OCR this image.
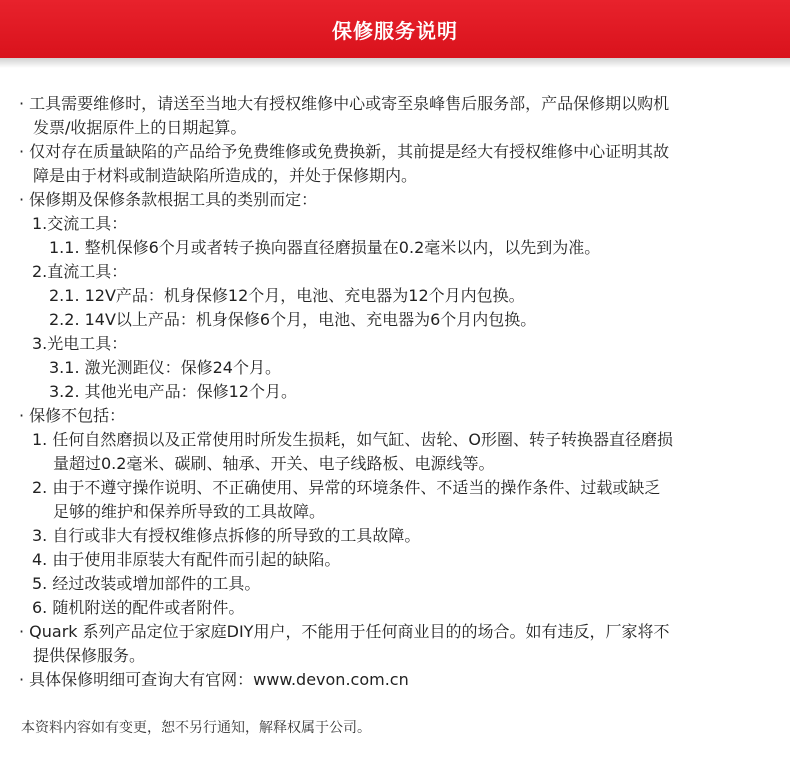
保修服务说明
· 工具需要维修时，请送至当地大有授权维修中心或寄至泉峰售后服务部，产品保修期以购机
发票/收据原件上的日期起算。
· 仅对存在质量缺陷的产品给予免费维修或免费换新，其前提是经大有授权维修中心证明其故
障是由于材料或制造缺陷所造成的，并处于保修期内。
· 保修期及保修条款根据工具的类别而定：
1.交流工具：
1.1. 整机保修6个月或者转子换向器直径磨损量在0.2毫米以内，以先到为准。
2.直流工具：
2.1. 12V产品：机身保修12个月，电池、充电器为12个月内包换。
2.2. 14V以上产品：机身保修6个月，电池、充电器为6个月内包换。
3.光电工具：
3.1. 激光测距仪：保修24个月。
3.2. 其他光电产品：保修12个月。
· 保修不包括：
1. 任何自然磨损以及正常使用时所发生损耗，如气缸、齿轮、O形圈、转子转换器直径磨损
量超过0.2毫米、碳刷、轴承、开关、电子线路板、电源线等。
2. 由于不遵守操作说明、不正确使用、异常的环境条件、不适当的操作条件、过载或缺乏
足够的维护和保养所导致的工具故障。
3. 自行或非大有授权维修点拆修的所导致的工具故障。
4. 由于使用非原装大有配件而引起的缺陷。
5. 经过改装或增加部件的工具。
6. 随机附送的配件或者附件。
· Quark 系列产品定位于家庭DIY用户，不能用于任何商业目的的场合。如有违反，厂家将不
提供保修服务。
· 具体保修明细可查询大有官网：www.devon.com.cn
本资料内容如有变更，恕不另行通知，解释权属于公司。
